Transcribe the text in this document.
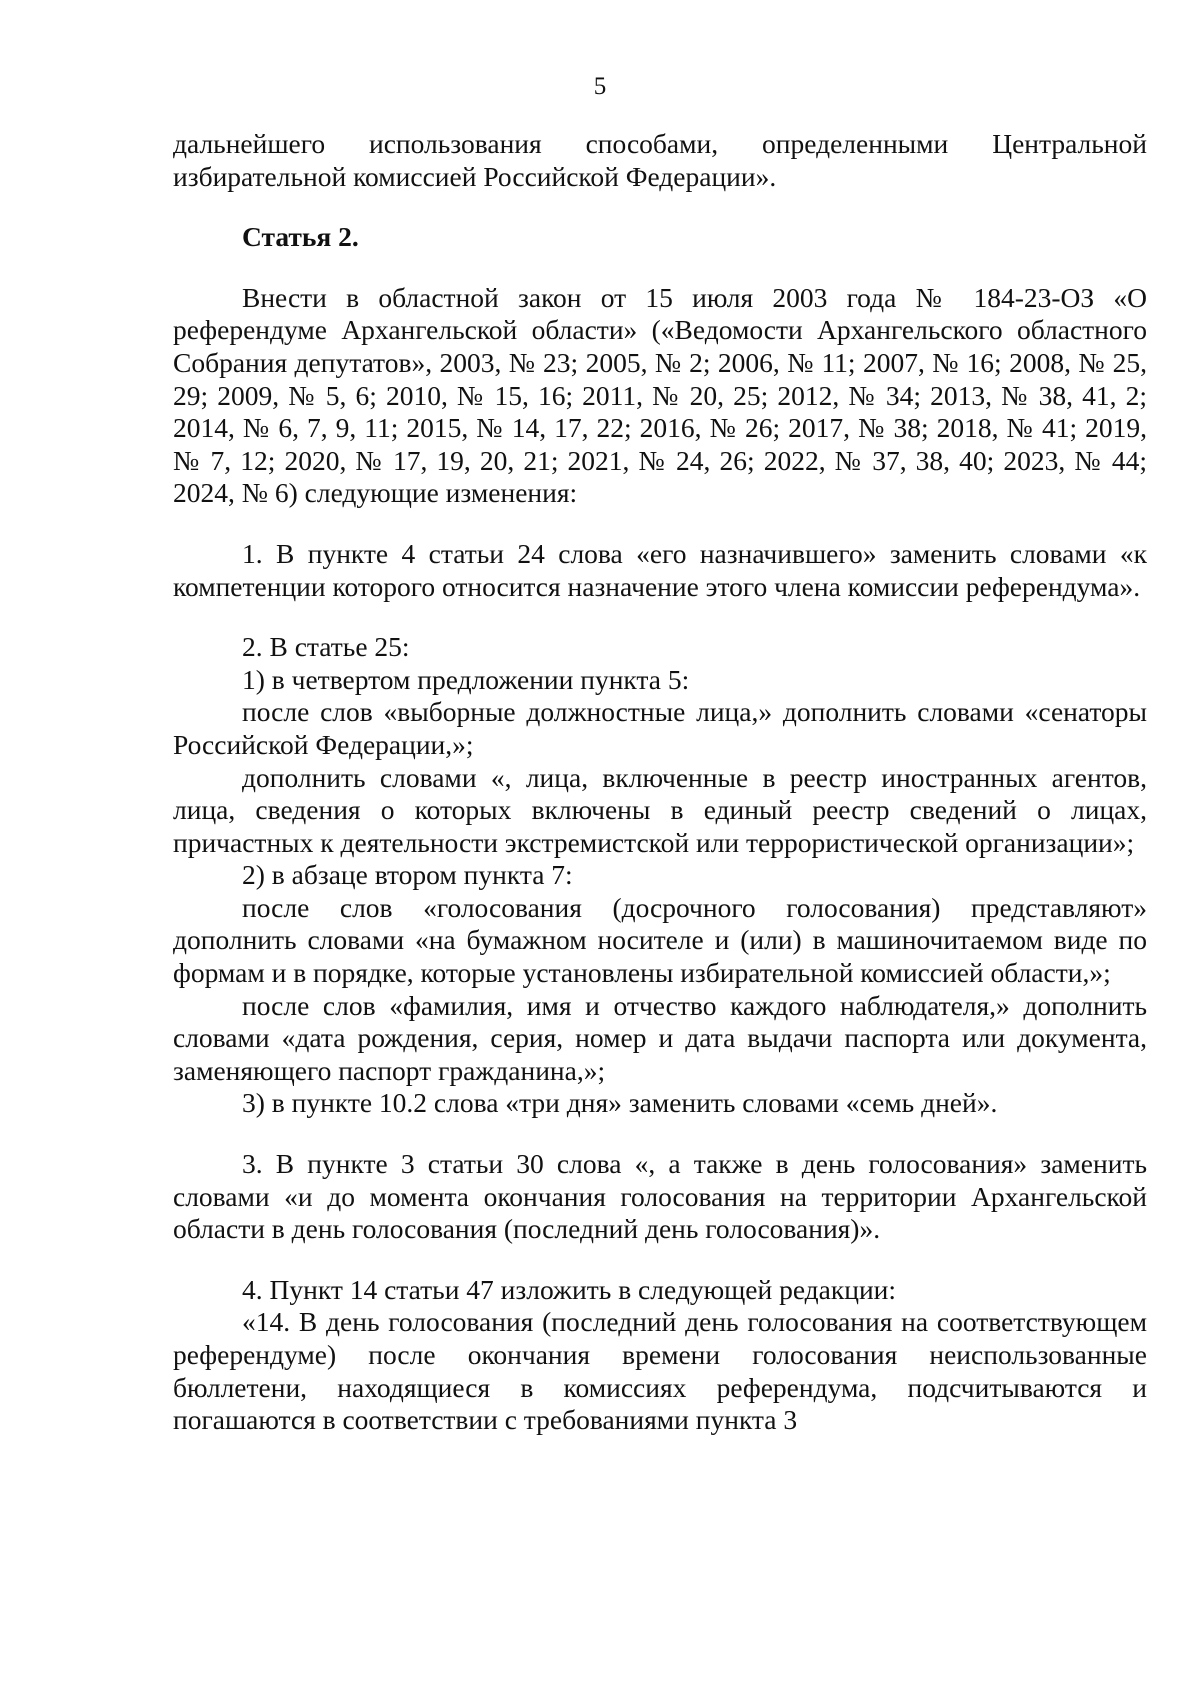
5

дальнейшего использования способами, определенными Центральной избирательной комиссией Российской Федерации».

Статья 2.

Внести в областной закон от 15 июля 2003 года № 184-23-ОЗ «О референдуме Архангельской области» («Ведомости Архангельского областного Собрания депутатов», 2003, № 23; 2005, № 2; 2006, № 11; 2007, № 16; 2008, № 25, 29; 2009, № 5, 6; 2010, № 15, 16; 2011, № 20, 25; 2012, № 34; 2013, № 38, 41, 2; 2014, № 6, 7, 9, 11; 2015, № 14, 17, 22; 2016, № 26; 2017, № 38; 2018, № 41; 2019, № 7, 12; 2020, № 17, 19, 20, 21; 2021, № 24, 26; 2022, № 37, 38, 40; 2023, № 44; 2024, № 6) следующие изменения:

1. В пункте 4 статьи 24 слова «его назначившего» заменить словами «к компетенции которого относится назначение этого члена комиссии референдума».

2. В статье 25:

1) в четвертом предложении пункта 5:

после слов «выборные должностные лица,» дополнить словами «сенаторы Российской Федерации,»;

дополнить словами «, лица, включенные в реестр иностранных агентов, лица, сведения о которых включены в единый реестр сведений о лицах, причастных к деятельности экстремистской или террористической организации»;

2) в абзаце втором пункта 7:

после слов «голосования (досрочного голосования) представляют» дополнить словами «на бумажном носителе и (или) в машиночитаемом виде по формам и в порядке, которые установлены избирательной комиссией области,»;

после слов «фамилия, имя и отчество каждого наблюдателя,» дополнить словами «дата рождения, серия, номер и дата выдачи паспорта или документа, заменяющего паспорт гражданина,»;

3) в пункте 10.2 слова «три дня» заменить словами «семь дней».

3. В пункте 3 статьи 30 слова «, а также в день голосования» заменить словами «и до момента окончания голосования на территории Архангельской области в день голосования (последний день голосования)».

4. Пункт 14 статьи 47 изложить в следующей редакции:

«14. В день голосования (последний день голосования на соответствующем референдуме) после окончания времени голосования неиспользованные бюллетени, находящиеся в комиссиях референдума, подсчитываются и погашаются в соответствии с требованиями пункта 3
